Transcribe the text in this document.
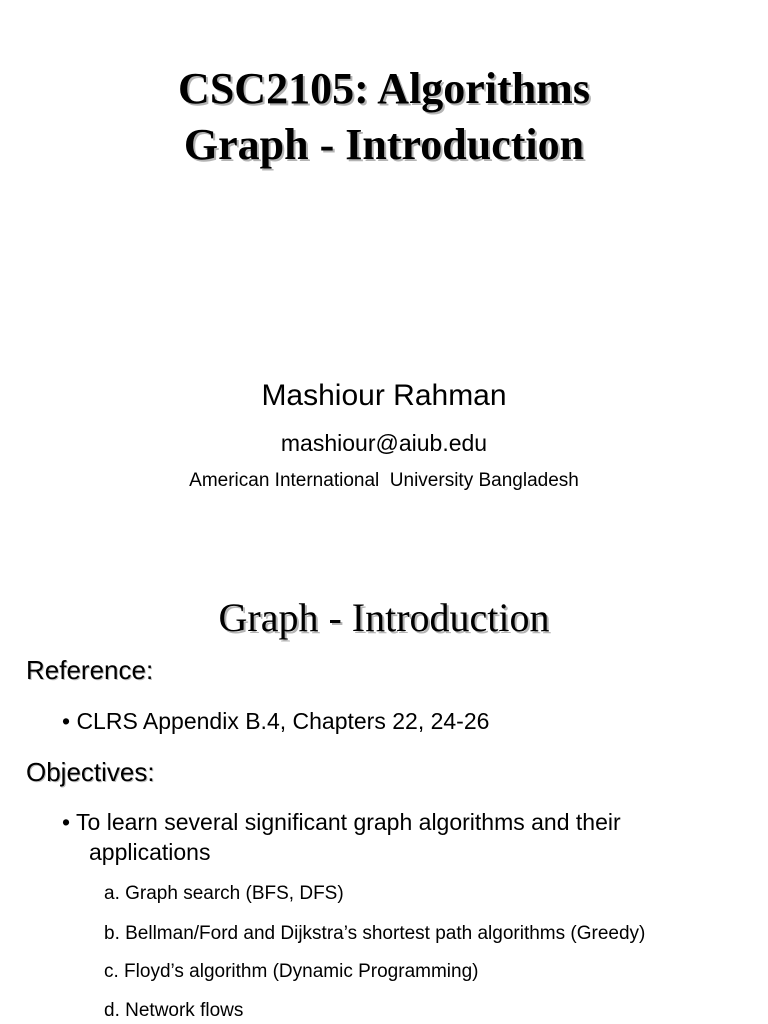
CSC2105: Algorithms
Graph - Introduction
Mashiour Rahman
mashiour@aiub.edu
American International  University Bangladesh
Graph - Introduction
Reference:
• CLRS Appendix B.4, Chapters 22, 24-26
Objectives:
• To learn several significant graph algorithms and their
applications
a. Graph search (BFS, DFS)
b. Bellman/Ford and Dijkstra’s shortest path algorithms (Greedy)
c. Floyd’s algorithm (Dynamic Programming)
d. Network flows
